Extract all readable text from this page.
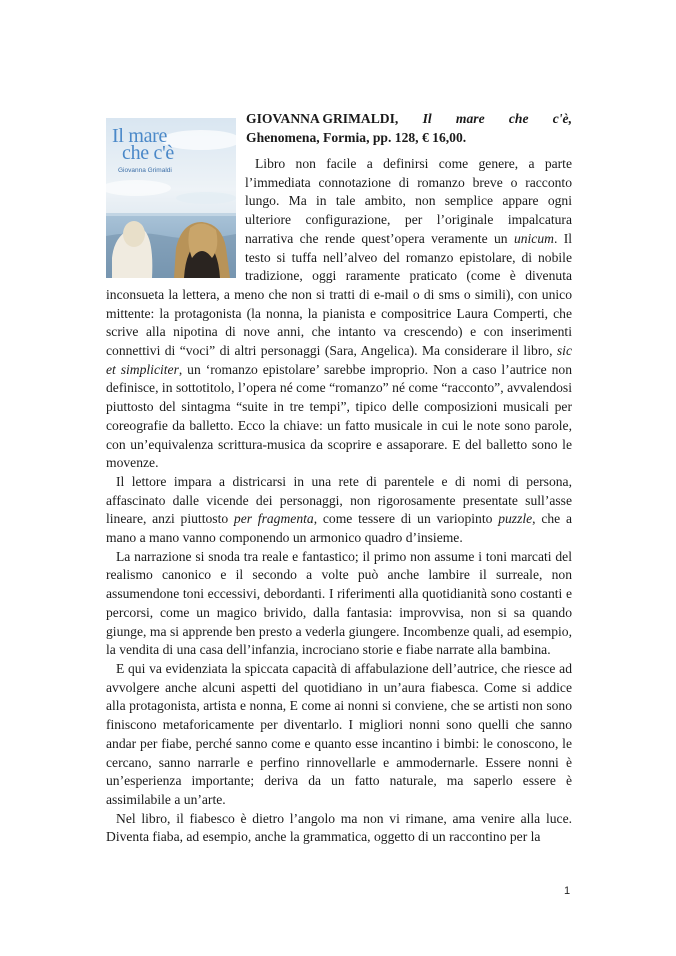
Il mare
che c'è
Giovanna Grimaldi
GIOVANNA GRIMALDI, Il mare che c'è,
Ghenomena, Formia, pp. 128, € 16,00.

Libro non facile a definirsi come genere, a parte l’immediata connotazione di romanzo breve o racconto lungo. Ma in tale ambito, non semplice appare ogni ulteriore configurazione, per l’originale impalcatura narrativa che rende quest’opera veramente un unicum. Il testo si tuffa nell’alveo del romanzo epistolare, di nobile tradizione, oggi raramente praticato (come è divenuta inconsueta la lettera, a meno che non si tratti di e-mail o di sms o simili), con unico mittente: la protagonista (la nonna, la pianista e compositrice Laura Comperti, che scrive alla nipotina di nove anni, che intanto va crescendo) e con inserimenti connettivi di “voci” di altri personaggi (Sara, Angelica). Ma considerare il libro, sic et simpliciter, un ‘romanzo epistolare’ sarebbe improprio. Non a caso l’autrice non definisce, in sottotitolo, l’opera né come “romanzo” né come “racconto”, avvalendosi piuttosto del sintagma “suite in tre tempi”, tipico delle composizioni musicali per coreografie da balletto. Ecco la chiave: un fatto musicale in cui le note sono parole, con un’equivalenza scrittura-musica da scoprire e assaporare. E del balletto sono le movenze.

Il lettore impara a districarsi in una rete di parentele e di nomi di persona, affascinato dalle vicende dei personaggi, non rigorosamente presentate sull’asse lineare, anzi piuttosto per fragmenta, come tessere di un variopinto puzzle, che a mano a mano vanno componendo un armonico quadro d’insieme.

La narrazione si snoda tra reale e fantastico; il primo non assume i toni marcati del realismo canonico e il secondo a volte può anche lambire il surreale, non assumendone toni eccessivi, debordanti. I riferimenti alla quotidianità sono costanti e percorsi, come un magico brivido, dalla fantasia: improvvisa, non si sa quando giunge, ma si apprende ben presto a vederla giungere. Incombenze quali, ad esempio, la vendita di una casa dell’infanzia, incrociano storie e fiabe narrate alla bambina.

E qui va evidenziata la spiccata capacità di affabulazione dell’autrice, che riesce ad avvolgere anche alcuni aspetti del quotidiano in un’aura fiabesca. Come si addice alla protagonista, artista e nonna, E come ai nonni si conviene, che se artisti non sono finiscono metaforicamente per diventarlo. I migliori nonni sono quelli che sanno andar per fiabe, perché sanno come e quanto esse incantino i bimbi: le conoscono, le cercano, sanno narrarle e perfino rinnovellarle e ammodernarle. Essere nonni è un’esperienza importante; deriva da un fatto naturale, ma saperlo essere è assimilabile a un’arte.

Nel libro, il fiabesco è dietro l’angolo ma non vi rimane, ama venire alla luce. Diventa fiaba, ad esempio, anche la grammatica, oggetto di un raccontino per la

1
